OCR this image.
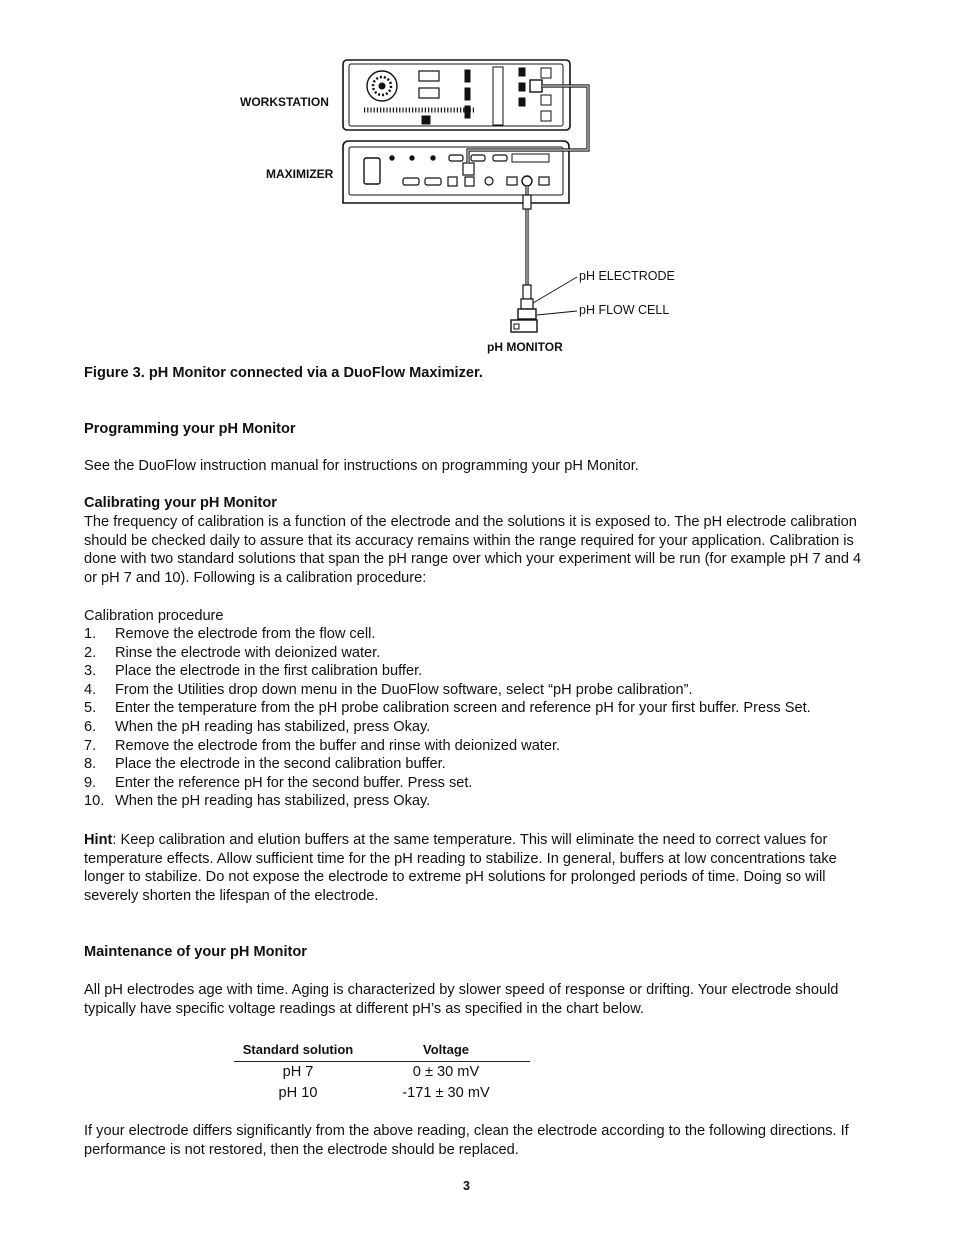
WORKSTATION
MAXIMIZER
pH ELECTRODE
pH FLOW CELL
pH MONITOR
Figure 3. pH Monitor connected via a DuoFlow Maximizer.
Programming your pH Monitor
See the DuoFlow instruction manual for instructions on programming your pH Monitor.
Calibrating your pH Monitor
The frequency of calibration is a function of the electrode and the solutions it is exposed to. The pH electrode calibration should be checked daily to assure that its accuracy remains within the range required for your application. Calibration is done with two standard solutions that span the pH range over which your experiment will be run (for example pH 7 and 4 or pH 7 and 10). Following is a calibration procedure:
Calibration procedure
1. Remove the electrode from the flow cell.
2. Rinse the electrode with deionized water.
3. Place the electrode in the first calibration buffer.
4. From the Utilities drop down menu in the DuoFlow software, select “pH probe calibration”.
5. Enter the temperature from the pH probe calibration screen and reference pH for your first buffer. Press Set.
6. When the pH reading has stabilized, press Okay.
7. Remove the electrode from the buffer and rinse with deionized water.
8. Place the electrode in the second calibration buffer.
9. Enter the reference pH for the second buffer. Press set.
10. When the pH reading has stabilized, press Okay.
Hint: Keep calibration and elution buffers at the same temperature. This will eliminate the need to correct values for temperature effects. Allow sufficient time for the pH reading to stabilize. In general, buffers at low concentrations take longer to stabilize. Do not expose the electrode to extreme pH solutions for prolonged periods of time. Doing so will severely shorten the lifespan of the electrode.
Maintenance of your pH Monitor
All pH electrodes age with time. Aging is characterized by slower speed of response or drifting. Your electrode should typically have specific voltage readings at different pH’s as specified in the chart below.
Standard solution	Voltage
pH 7	0 ± 30 mV
pH 10	-171 ± 30 mV
If your electrode differs significantly from the above reading, clean the electrode according to the following directions. If performance is not restored, then the electrode should be replaced.
3
